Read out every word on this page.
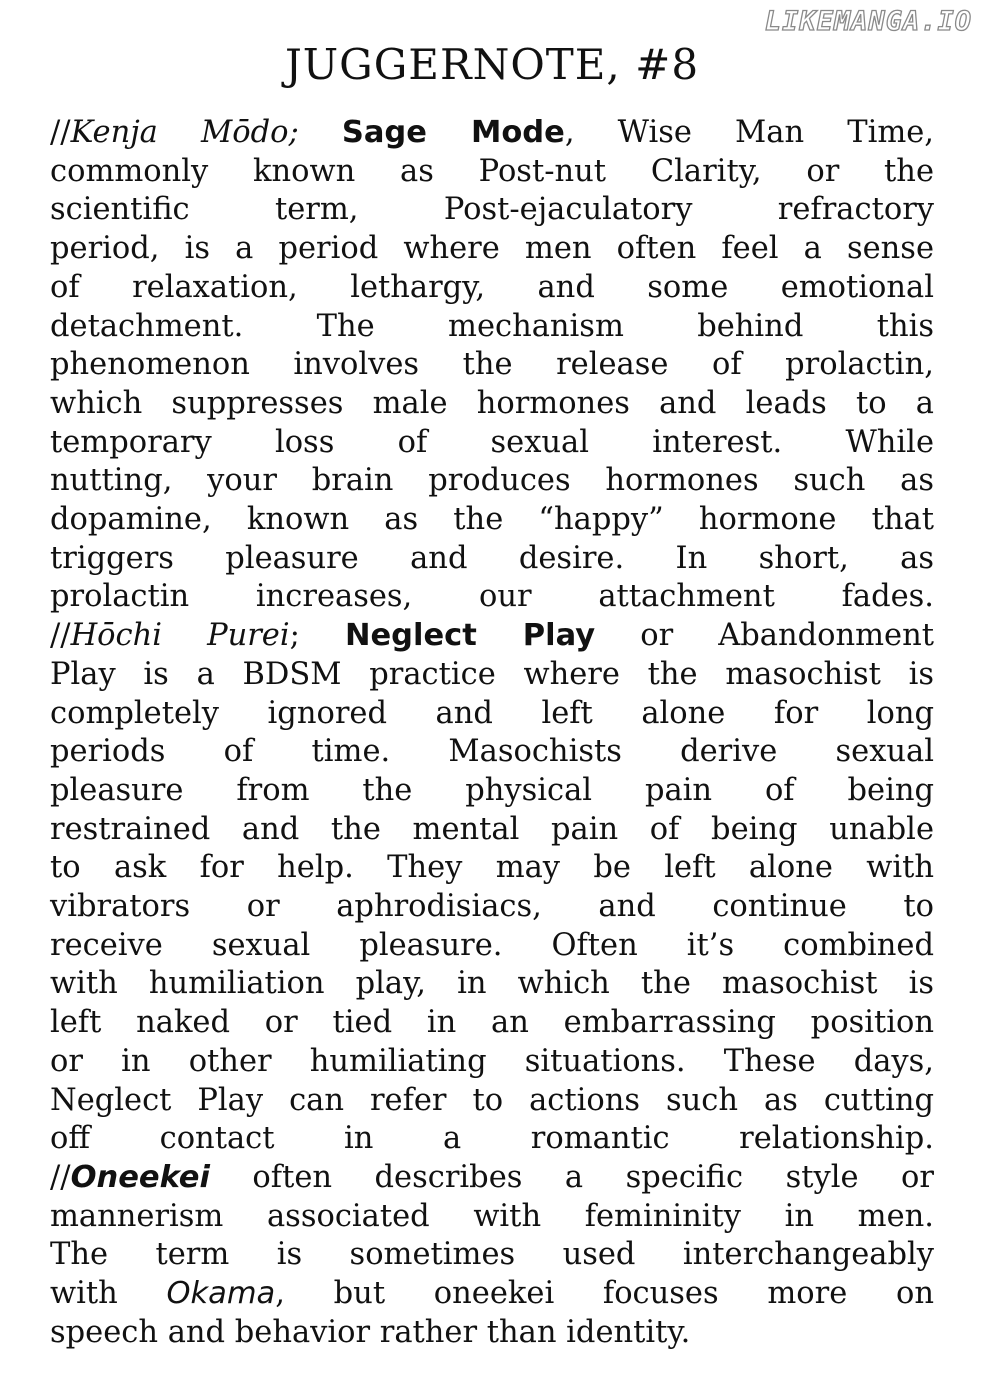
LIKEMANGA.IO
JUGGERNOTE, #8
//Kenja Mōdo; Sage Mode, Wise Man Time,
commonly known as Post-nut Clarity, or the
scientific term, Post-ejaculatory refractory
period, is a period where men often feel a sense
of relaxation, lethargy, and some emotional
detachment. The mechanism behind this
phenomenon involves the release of prolactin,
which suppresses male hormones and leads to a
temporary loss of sexual interest. While
nutting, your brain produces hormones such as
dopamine, known as the “happy” hormone that
triggers pleasure and desire. In short, as
prolactin increases, our attachment fades.
//Hōchi Purei; Neglect Play or Abandonment
Play is a BDSM practice where the masochist is
completely ignored and left alone for long
periods of time. Masochists derive sexual
pleasure from the physical pain of being
restrained and the mental pain of being unable
to ask for help. They may be left alone with
vibrators or aphrodisiacs, and continue to
receive sexual pleasure. Often it’s combined
with humiliation play, in which the masochist is
left naked or tied in an embarrassing position
or in other humiliating situations. These days,
Neglect Play can refer to actions such as cutting
off contact in a romantic relationship.
//Oneekei often describes a specific style or
mannerism associated with femininity in men.
The term is sometimes used interchangeably
with Okama, but oneekei focuses more on
speech and behavior rather than identity.
